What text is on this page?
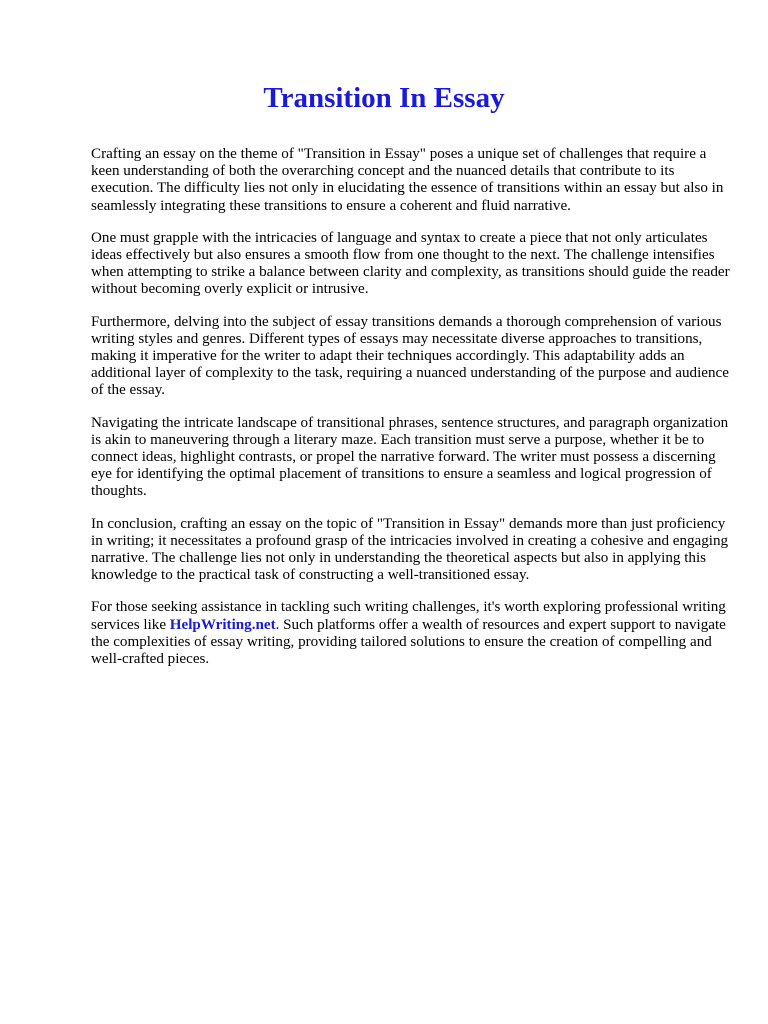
Transition In Essay

Crafting an essay on the theme of "Transition in Essay" poses a unique set of challenges that require a keen understanding of both the overarching concept and the nuanced details that contribute to its execution. The difficulty lies not only in elucidating the essence of transitions within an essay but also in seamlessly integrating these transitions to ensure a coherent and fluid narrative.

One must grapple with the intricacies of language and syntax to create a piece that not only articulates ideas effectively but also ensures a smooth flow from one thought to the next. The challenge intensifies when attempting to strike a balance between clarity and complexity, as transitions should guide the reader without becoming overly explicit or intrusive.

Furthermore, delving into the subject of essay transitions demands a thorough comprehension of various writing styles and genres. Different types of essays may necessitate diverse approaches to transitions, making it imperative for the writer to adapt their techniques accordingly. This adaptability adds an additional layer of complexity to the task, requiring a nuanced understanding of the purpose and audience of the essay.

Navigating the intricate landscape of transitional phrases, sentence structures, and paragraph organization is akin to maneuvering through a literary maze. Each transition must serve a purpose, whether it be to connect ideas, highlight contrasts, or propel the narrative forward. The writer must possess a discerning eye for identifying the optimal placement of transitions to ensure a seamless and logical progression of thoughts.

In conclusion, crafting an essay on the topic of "Transition in Essay" demands more than just proficiency in writing; it necessitates a profound grasp of the intricacies involved in creating a cohesive and engaging narrative. The challenge lies not only in understanding the theoretical aspects but also in applying this knowledge to the practical task of constructing a well-transitioned essay.

For those seeking assistance in tackling such writing challenges, it's worth exploring professional writing services like HelpWriting.net. Such platforms offer a wealth of resources and expert support to navigate the complexities of essay writing, providing tailored solutions to ensure the creation of compelling and well-crafted pieces.
